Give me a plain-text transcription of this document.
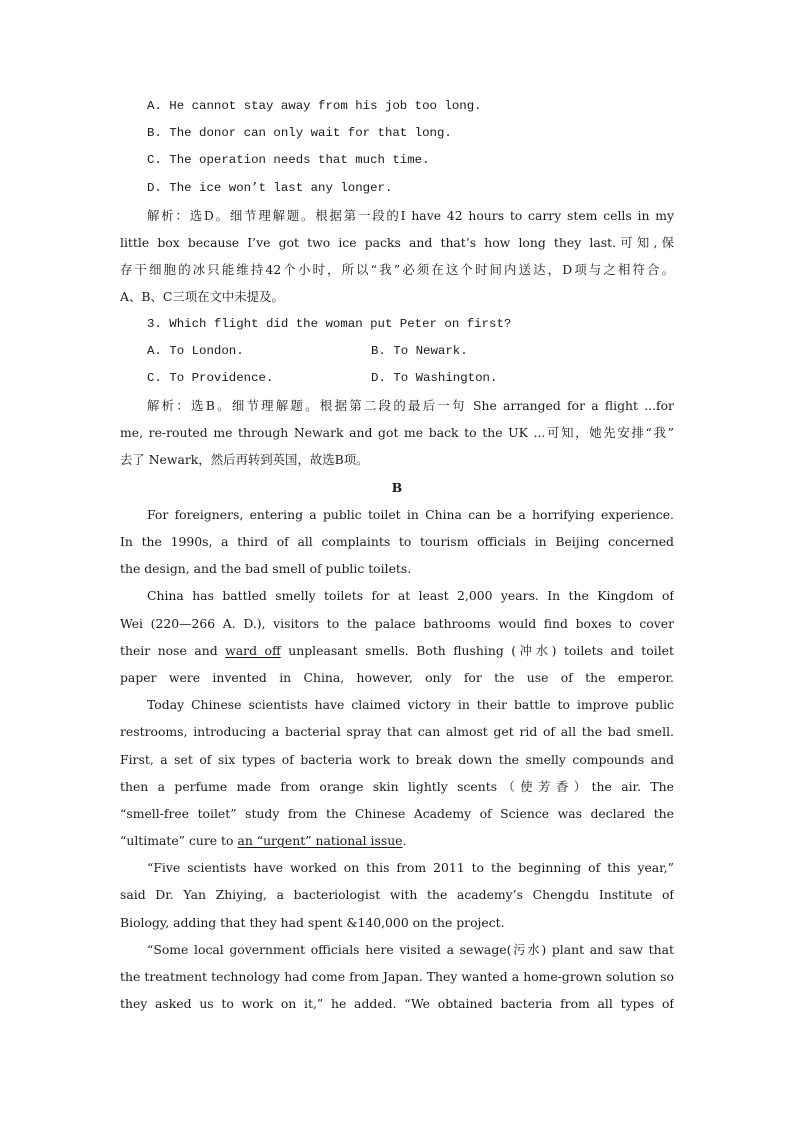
A. He cannot stay away from his job too long.
B. The donor can only wait for that long.
C. The operation needs that much time.
D. The ice won’t last any longer.
解析：选D。细节理解题。根据第一段的I have 42 hours to carry stem cells in my
little box because I’ve got two ice packs and that’s how long they last.可知,保
存干细胞的冰只能维持42个小时，所以“我”必须在这个时间内送达，D项与之相符合。
A、B、C三项在文中未提及。
3. Which flight did the woman put Peter on first?
A. To London.	B. To Newark.
C. To Providence.	D. To Washington.
解析：选B。细节理解题。根据第二段的最后一句 She arranged for a flight ...for
me, re-routed me through Newark and got me back to the UK ...可知，她先安排“我”
去了 Newark，然后再转到英国，故选B项。
B
For foreigners, entering a public toilet in China can be a horrifying experience.
In the 1990s, a third of all complaints to tourism officials in Beijing concerned
the design, and the bad smell of public toilets.
China has battled smelly toilets for at least 2,000 years. In the Kingdom of
Wei (220—266 A. D.), visitors to the palace bathrooms would find boxes to cover
their nose and ward off unpleasant smells. Both flushing (冲水) toilets and toilet
paper were invented in China, however, only for the use of the emperor.
Today Chinese scientists have claimed victory in their battle to improve public
restrooms, introducing a bacterial spray that can almost get rid of all the bad smell.
First, a set of six types of bacteria work to break down the smelly compounds and
then a perfume made from orange skin lightly scents（使芳香）the air. The
“smell-free toilet” study from the Chinese Academy of Science was declared the
“ultimate” cure to an “urgent” national issue.
“Five scientists have worked on this from 2011 to the beginning of this year,”
said Dr. Yan Zhiying, a bacteriologist with the academy’s Chengdu Institute of
Biology, adding that they had spent &140,000 on the project.
“Some local government officials here visited a sewage(污水) plant and saw that
the treatment technology had come from Japan. They wanted a home-grown solution so
they asked us to work on it,” he added. “We obtained bacteria from all types of
